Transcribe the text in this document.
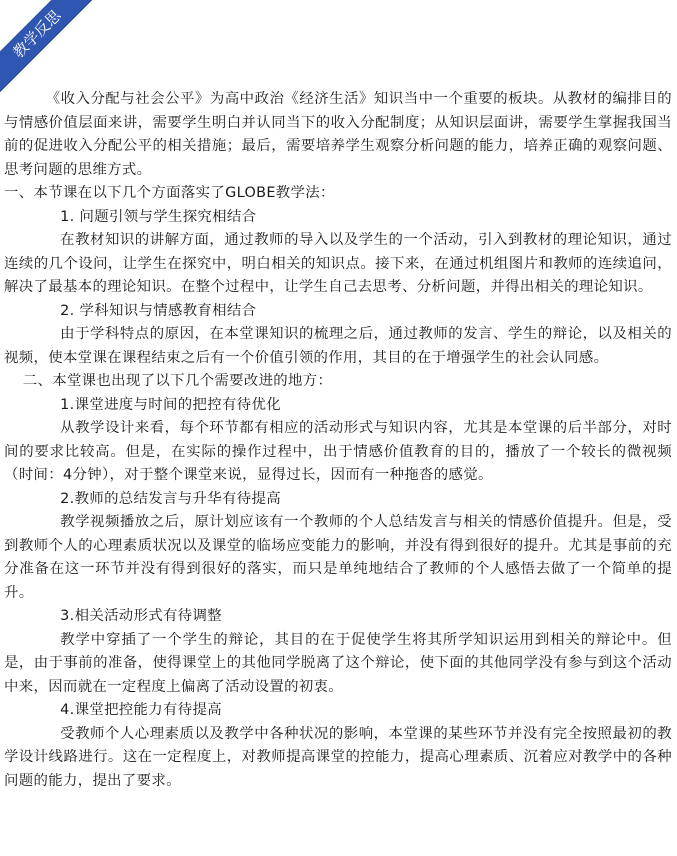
教学反思

《收入分配与社会公平》为高中政治《经济生活》知识当中一个重要的板块。从教材的编排目的与情感价值层面来讲，需要学生明白并认同当下的收入分配制度；从知识层面讲，需要学生掌握我国当前的促进收入分配公平的相关措施；最后，需要培养学生观察分析问题的能力，培养正确的观察问题、思考问题的思维方式。

一、本节课在以下几个方面落实了GLOBE教学法：

1. 问题引领与学生探究相结合

在教材知识的讲解方面，通过教师的导入以及学生的一个活动，引入到教材的理论知识，通过连续的几个设问，让学生在探究中，明白相关的知识点。接下来，在通过机组图片和教师的连续追问，解决了最基本的理论知识。在整个过程中，让学生自己去思考、分析问题，并得出相关的理论知识。

2. 学科知识与情感教育相结合

由于学科特点的原因，在本堂课知识的梳理之后，通过教师的发言、学生的辩论，以及相关的视频，使本堂课在课程结束之后有一个价值引领的作用，其目的在于增强学生的社会认同感。

二、本堂课也出现了以下几个需要改进的地方：

1.课堂进度与时间的把控有待优化

从教学设计来看，每个环节都有相应的活动形式与知识内容，尤其是本堂课的后半部分，对时间的要求比较高。但是，在实际的操作过程中，出于情感价值教育的目的，播放了一个较长的微视频（时间：4分钟），对于整个课堂来说，显得过长，因而有一种拖沓的感觉。

2.教师的总结发言与升华有待提高

教学视频播放之后，原计划应该有一个教师的个人总结发言与相关的情感价值提升。但是，受到教师个人的心理素质状况以及课堂的临场应变能力的影响，并没有得到很好的提升。尤其是事前的充分准备在这一环节并没有得到很好的落实，而只是单纯地结合了教师的个人感悟去做了一个简单的提升。

3.相关活动形式有待调整

教学中穿插了一个学生的辩论，其目的在于促使学生将其所学知识运用到相关的辩论中。但是，由于事前的准备，使得课堂上的其他同学脱离了这个辩论，使下面的其他同学没有参与到这个活动中来，因而就在一定程度上偏离了活动设置的初衷。

4.课堂把控能力有待提高

受教师个人心理素质以及教学中各种状况的影响，本堂课的某些环节并没有完全按照最初的教学设计线路进行。这在一定程度上，对教师提高课堂的控能力，提高心理素质、沉着应对教学中的各种问题的能力，提出了要求。
